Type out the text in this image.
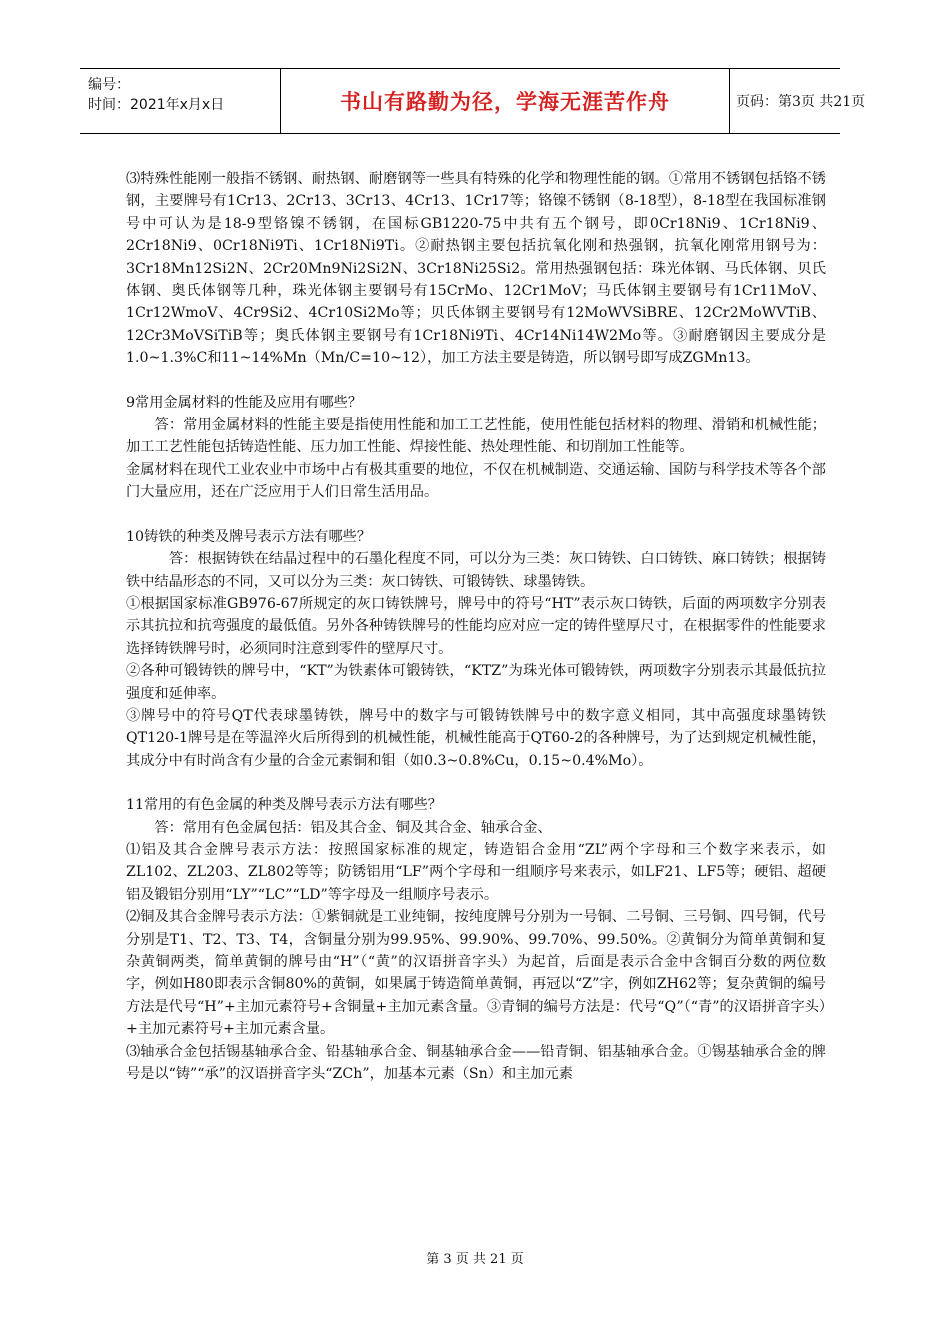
编号：
时间：2021年x月x日	书山有路勤为径，学海无涯苦作舟	页码：第3页 共21页

⑶特殊性能刚一般指不锈钢、耐热钢、耐磨钢等一些具有特殊的化学和物理性能的钢。①常用不锈钢包括铬不锈钢，主要牌号有1Cr13、2Cr13、3Cr13、4Cr13、1Cr17等；铬镍不锈钢（8-18型），8-18型在我国标准钢号中可认为是18-9型铬镍不锈钢，在国标GB1220-75中共有五个钢号，即0Cr18Ni9、1Cr18Ni9、2Cr18Ni9、0Cr18Ni9Ti、1Cr18Ni9Ti。②耐热钢主要包括抗氧化刚和热强钢，抗氧化刚常用钢号为：3Cr18Mn12Si2N、2Cr20Mn9Ni2Si2N、3Cr18Ni25Si2。常用热强钢包括：珠光体钢、马氏体钢、贝氏体钢、奥氏体钢等几种，珠光体钢主要钢号有15CrMo、12Cr1MoV；马氏体钢主要钢号有1Cr11MoV、1Cr12WmoV、4Cr9Si2、4Cr10Si2Mo等；贝氏体钢主要钢号有12MoWVSiBRE、12Cr2MoWVTiB、12Cr3MoVSiTiB等；奥氏体钢主要钢号有1Cr18Ni9Ti、4Cr14Ni14W2Mo等。③耐磨钢因主要成分是1.0~1.3%C和11~14%Mn（Mn/C=10~12），加工方法主要是铸造，所以钢号即写成ZGMn13。

9常用金属材料的性能及应用有哪些？

　　答：常用金属材料的性能主要是指使用性能和加工工艺性能，使用性能包括材料的物理、滑销和机械性能；加工工艺性能包括铸造性能、压力加工性能、焊接性能、热处理性能、和切削加工性能等。

金属材料在现代工业农业中市场中占有极其重要的地位，不仅在机械制造、交通运输、国防与科学技术等各个部门大量应用，还在广泛应用于人们日常生活用品。

10铸铁的种类及牌号表示方法有哪些？

　　　答：根据铸铁在结晶过程中的石墨化程度不同，可以分为三类：灰口铸铁、白口铸铁、麻口铸铁；根据铸铁中结晶形态的不同，又可以分为三类：灰口铸铁、可锻铸铁、球墨铸铁。

①根据国家标准GB976-67所规定的灰口铸铁牌号，牌号中的符号“HT”表示灰口铸铁，后面的两项数字分别表示其抗拉和抗弯强度的最低值。另外各种铸铁牌号的性能均应对应一定的铸件壁厚尺寸，在根据零件的性能要求选择铸铁牌号时，必须同时注意到零件的壁厚尺寸。

②各种可锻铸铁的牌号中，“KT”为铁素体可锻铸铁，“KTZ”为珠光体可锻铸铁，两项数字分别表示其最低抗拉强度和延伸率。

③牌号中的符号QT代表球墨铸铁，牌号中的数字与可锻铸铁牌号中的数字意义相同，其中高强度球墨铸铁QT120-1牌号是在等温淬火后所得到的机械性能，机械性能高于QT60-2的各种牌号，为了达到规定机械性能，其成分中有时尚含有少量的合金元素铜和钼（如0.3~0.8%Cu，0.15~0.4%Mo）。

11常用的有色金属的种类及牌号表示方法有哪些？

　　答：常用有色金属包括：铝及其合金、铜及其合金、轴承合金、

⑴铝及其合金牌号表示方法：按照国家标准的规定，铸造铝合金用“ZL”两个字母和三个数字来表示，如ZL102、ZL203、ZL802等等；防锈铝用“LF”两个字母和一组顺序号来表示，如LF21、LF5等；硬铝、超硬铝及锻铝分别用“LY”“LC”“LD”等字母及一组顺序号表示。

⑵铜及其合金牌号表示方法：①紫铜就是工业纯铜，按纯度牌号分别为一号铜、二号铜、三号铜、四号铜，代号分别是T1、T2、T3、T4，含铜量分别为99.95%、99.90%、99.70%、99.50%。②黄铜分为简单黄铜和复杂黄铜两类，简单黄铜的牌号由“H”（“黄”的汉语拼音字头）为起首，后面是表示合金中含铜百分数的两位数字，例如H80即表示含铜80%的黄铜，如果属于铸造简单黄铜，再冠以“Z”字，例如ZH62等；复杂黄铜的编号方法是代号“H”+主加元素符号+含铜量+主加元素含量。③青铜的编号方法是：代号“Q”（“青”的汉语拼音字头）+主加元素符号+主加元素含量。

⑶轴承合金包括锡基轴承合金、铅基轴承合金、铜基轴承合金——铅青铜、铝基轴承合金。①锡基轴承合金的牌号是以“铸”“承”的汉语拼音字头“ZCh”，加基本元素（Sn）和主加元素

第 3 页 共 21 页
